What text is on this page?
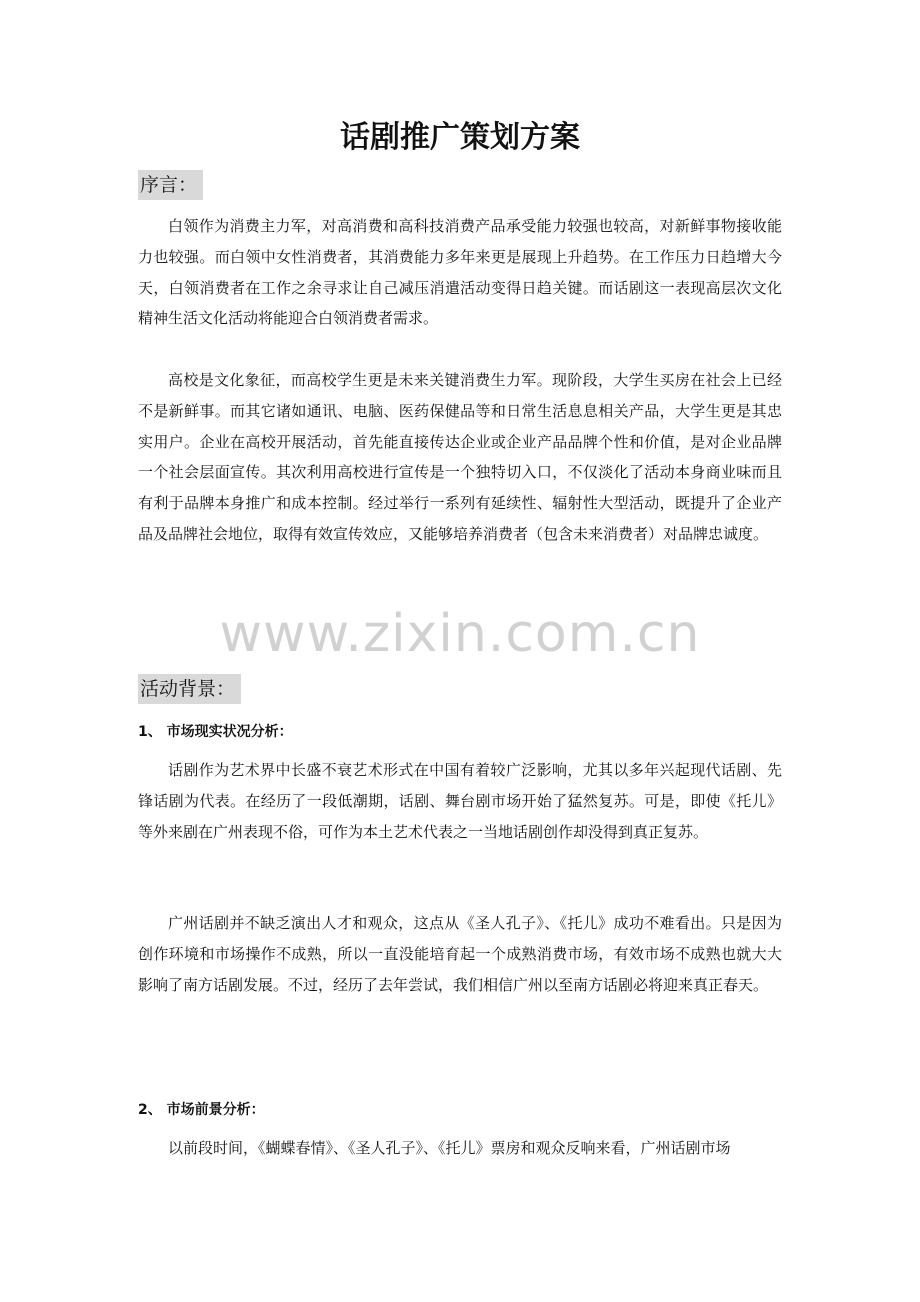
话剧推广策划方案
序言：

白领作为消费主力军，对高消费和高科技消费产品承受能力较强也较高，对新鲜事物接收能力也较强。而白领中女性消费者，其消费能力多年来更是展现上升趋势。在工作压力日趋增大今天，白领消费者在工作之余寻求让自己减压消遣活动变得日趋关键。而话剧这一表现高层次文化精神生活文化活动将能迎合白领消费者需求。

高校是文化象征，而高校学生更是未来关键消费生力军。现阶段，大学生买房在社会上已经不是新鲜事。而其它诸如通讯、电脑、医药保健品等和日常生活息息相关产品，大学生更是其忠实用户。企业在高校开展活动，首先能直接传达企业或企业产品品牌个性和价值，是对企业品牌一个社会层面宣传。其次利用高校进行宣传是一个独特切入口，不仅淡化了活动本身商业味而且有利于品牌本身推广和成本控制。经过举行一系列有延续性、辐射性大型活动，既提升了企业产品及品牌社会地位，取得有效宣传效应，又能够培养消费者（包含未来消费者）对品牌忠诚度。

www.zixin.com.cn
活动背景：
1、 市场现实状况分析：

话剧作为艺术界中长盛不衰艺术形式在中国有着较广泛影响，尤其以多年兴起现代话剧、先锋话剧为代表。在经历了一段低潮期，话剧、舞台剧市场开始了猛然复苏。可是，即使《托儿》等外来剧在广州表现不俗，可作为本土艺术代表之一当地话剧创作却没得到真正复苏。

广州话剧并不缺乏演出人才和观众，这点从《圣人孔子》、《托儿》成功不难看出。只是因为创作环境和市场操作不成熟，所以一直没能培育起一个成熟消费市场，有效市场不成熟也就大大影响了南方话剧发展。不过，经历了去年尝试，我们相信广州以至南方话剧必将迎来真正春天。

2、 市场前景分析：

以前段时间，《蝴蝶春情》、《圣人孔子》、《托儿》票房和观众反响来看，广州话剧市场
